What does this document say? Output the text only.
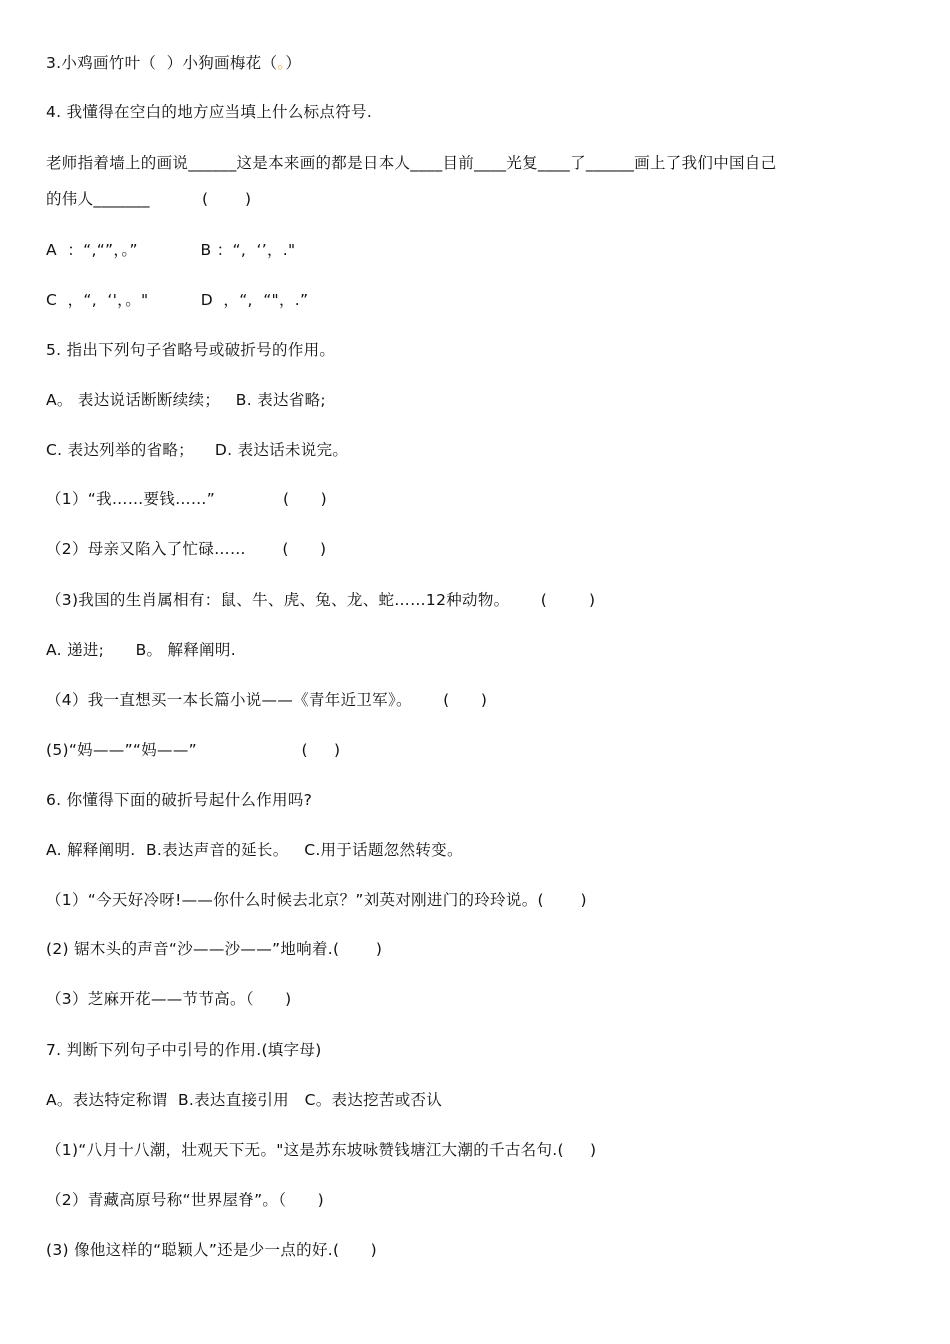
3.小鸡画竹叶（  ）小狗画梅花（。）
4. 我懂得在空白的地方应当填上什么标点符号.
老师指着墙上的画说______这是本来画的都是日本人____目前____光复____了______画上了我们中国自己
的伟人_______          (       )
A  ：“,“”，。”            B ：“,  ‘’，."
C  ，“,  ‘'，。"          D  ，“,  “"，.”
5. 指出下列句子省略号或破折号的作用。
A。 表达说话断断续续；   B. 表达省略;
C. 表达列举的省略；    D. 表达话未说完。
（1）“我……要钱……”             (      )
（2）母亲又陷入了忙碌……       (      )
（3)我国的生肖属相有：鼠、牛、虎、兔、龙、蛇……12种动物。      (        )
A. 递进;      B。 解释阐明.
（4）我一直想买一本长篇小说——《青年近卫军》。      (      )
(5)“妈——”“妈——”                    (     )
6. 你懂得下面的破折号起什么作用吗?
A. 解释阐明.  B.表达声音的延长。   C.用于话题忽然转变。
（1）“今天好冷呀!——你什么时候去北京？”刘英对刚进门的玲玲说。(       )
(2) 锯木头的声音“沙——沙——”地响着.(       )
（3）芝麻开花——节节高。（      )
7. 判断下列句子中引号的作用.(填字母)
A。表达特定称谓  B.表达直接引用   C。表达挖苦或否认
（1)“八月十八潮，壮观天下无。"这是苏东坡咏赞钱塘江大潮的千古名句.(     )
（2）青藏高原号称“世界屋脊”。（      )
(3) 像他这样的“聪颖人”还是少一点的好.(      )
